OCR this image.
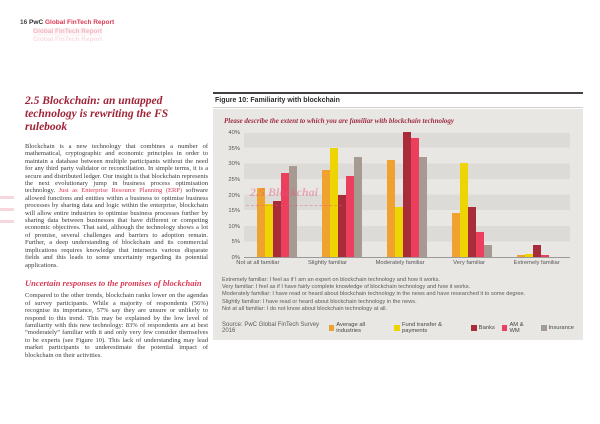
16 PwC Global FinTech Report
Global FinTech Report
Global FinTech Report
2.5 Blockchain: an untapped technology is rewriting the FS rulebook

Blockchain is a new technology that combines a number of mathematical, cryptographic and economic principles in order to maintain a database between multiple participants without the need for any third party validator or reconciliation. In simple terms, it is a secure and distributed ledger. Our insight is that blockchain represents the next evolutionary jump in business process optimisation technology. Just as Enterprise Resource Planning (ERP) software allowed functions and entities within a business to optimise business processes by sharing data and logic within the enterprise, blockchain will allow entire industries to optimise business processes further by sharing data between businesses that have different or competing economic objectives. That said, although the technology shows a lot of promise, several challenges and barriers to adoption remain. Further, a deep understanding of blockchain and its commercial implications requires knowledge that intersects various disparate fields and this leads to some uncertainty regarding its potential applications.

Uncertain responses to the promises of blockchain

Compared to the other trends, blockchain ranks lower on the agendas of survey participants. While a majority of respondents (56%) recognise its importance, 57% say they are unsure or unlikely to respond to this trend. This may be explained by the low level of familiarity with this new technology: 83% of respondents are at best “moderately” familiar with it and only very few consider themselves to be experts (see Figure 10). This lack of understanding may lead market participants to underestimate the potential impact of blockchain on their activities.

Figure 10: Familiarity with blockchain
Please describe the extent to which you are familiar with blockchain technology
2.5 Blockchai
0%
5%
10%
15%
20%
25%
30%
35%
40%
Not at all familiar	Slightly familiar	Moderately familiar	Very familiar	Extremely familiar
Extremely familiar: I feel as if I am an expert on blockchain technology and how it works.
Very familiar: I feel as if I have fairly complete knowledge of blockchain technology and how it works.
Moderately familiar: I have read or heard about blockchain technology in the news and have researched it to some degree.
Slightly familiar: I have read or heard about blockchain technology in the news.
Not at all familiar: I do not know about blockchain technology at all.
Source: PwC Global FinTech Survey 2016
Average all industries
Fund transfer & payments	Banks	AM & WM	Insurance
